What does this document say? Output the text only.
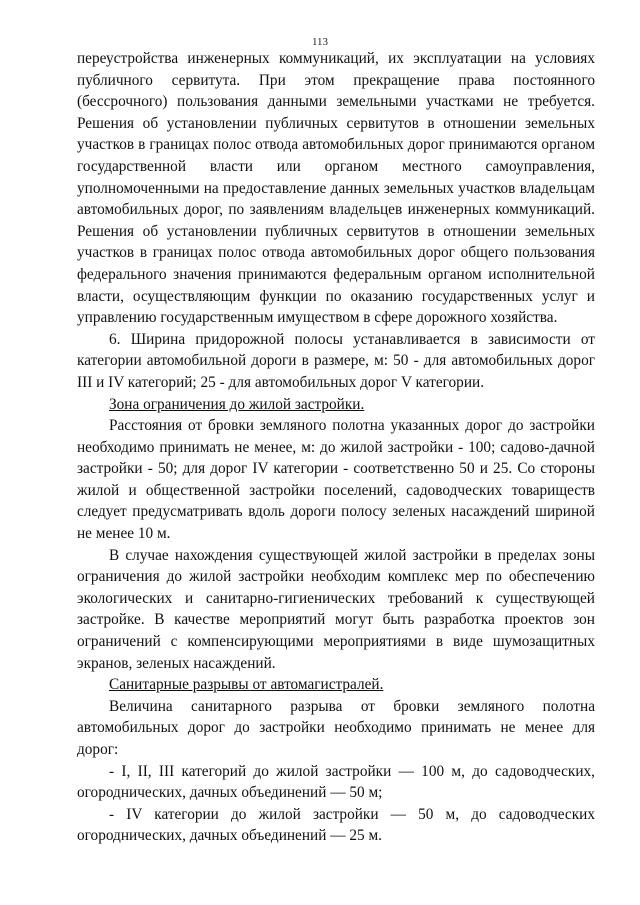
113

переустройства инженерных коммуникаций, их эксплуатации на условиях публичного сервитута. При этом прекращение права постоянного (бессрочного) пользования данными земельными участками не требуется. Решения об установлении публичных сервитутов в отношении земельных участков в границах полос отвода автомобильных дорог принимаются органом государственной власти или органом местного самоуправления, уполномоченными на предоставление данных земельных участков владельцам автомобильных дорог, по заявлениям владельцев инженерных коммуникаций. Решения об установлении публичных сервитутов в отношении земельных участков в границах полос отвода автомобильных дорог общего пользования федерального значения принимаются федеральным органом исполнительной власти, осуществляющим функции по оказанию государственных услуг и управлению государственным имуществом в сфере дорожного хозяйства.

6. Ширина придорожной полосы устанавливается в зависимости от категории автомобильной дороги в размере, м: 50 - для автомобильных дорог III и IV категорий; 25 - для автомобильных дорог V категории.

Зона ограничения до жилой застройки.

Расстояния от бровки земляного полотна указанных дорог до застройки необходимо принимать не менее, м: до жилой застройки - 100; садово-дачной застройки - 50; для дорог IV категории - соответственно 50 и 25. Со стороны жилой и общественной застройки поселений, садоводческих товариществ следует предусматривать вдоль дороги полосу зеленых насаждений шириной не менее 10 м.

В случае нахождения существующей жилой застройки в пределах зоны ограничения до жилой застройки необходим комплекс мер по обеспечению экологических и санитарно-гигиенических требований к существующей застройке. В качестве мероприятий могут быть разработка проектов зон ограничений с компенсирующими мероприятиями в виде шумозащитных экранов, зеленых насаждений.

Санитарные разрывы от автомагистралей.

Величина санитарного разрыва от бровки земляного полотна автомобильных дорог до застройки необходимо принимать не менее для дорог:

- I, II, III категорий до жилой застройки — 100 м, до садоводческих, огороднических, дачных объединений — 50 м;

- IV категории до жилой застройки — 50 м, до садоводческих огороднических, дачных объединений — 25 м.
